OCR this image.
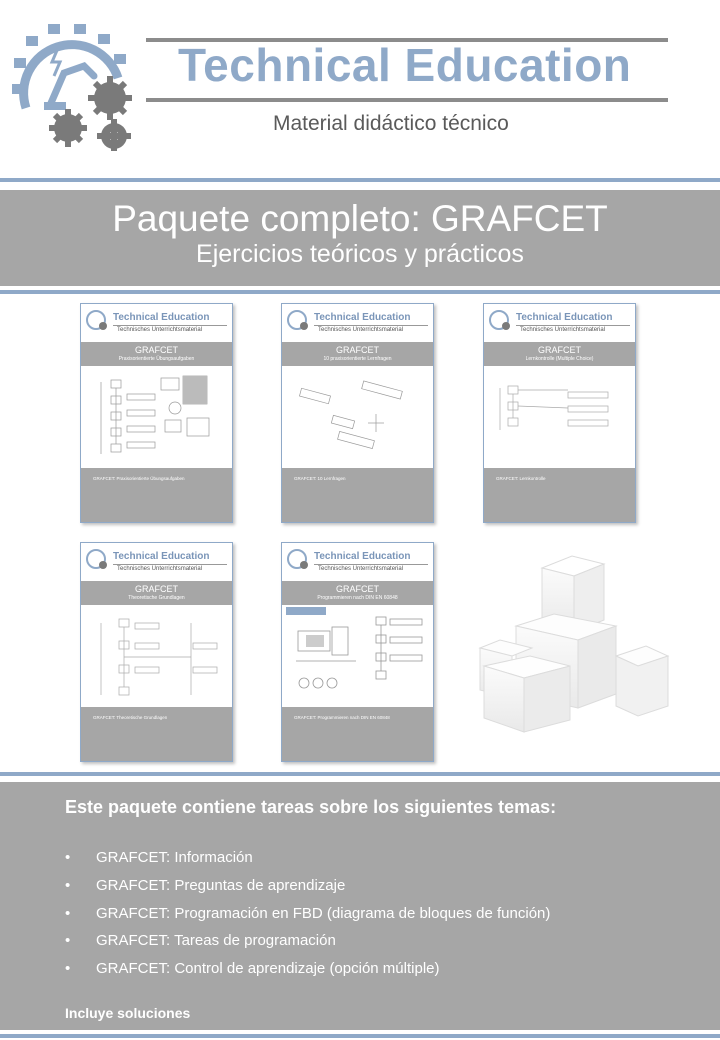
Technical Education
Material didáctico técnico
Paquete completo: GRAFCET
Ejercicios teóricos y prácticos
Technical Education
Technisches Unterrichtsmaterial
GRAFCET
Praxisorientierte Übungsaufgaben
GRAFCET: Praxisorientierte Übungsaufgaben
Technical Education
Technisches Unterrichtsmaterial
GRAFCET
10 praxisorientierte Lernfragen
GRAFCET: 10 Lernfragen
Technical Education
Technisches Unterrichtsmaterial
GRAFCET
Lernkontrolle (Multiple Choice)
GRAFCET: Lernkontrolle
Technical Education
Technisches Unterrichtsmaterial
GRAFCET
Theoretische Grundlagen
GRAFCET: Theoretische Grundlagen
Technical Education
Technisches Unterrichtsmaterial
GRAFCET
Programmieren nach DIN EN 60848
GRAFCET: Programmieren nach DIN EN 60848
Este paquete contiene tareas sobre los siguientes temas:
• GRAFCET: Información
• GRAFCET: Preguntas de aprendizaje
• GRAFCET: Programación en FBD (diagrama de bloques de función)
• GRAFCET: Tareas de programación
• GRAFCET: Control de aprendizaje (opción múltiple)
Incluye soluciones
